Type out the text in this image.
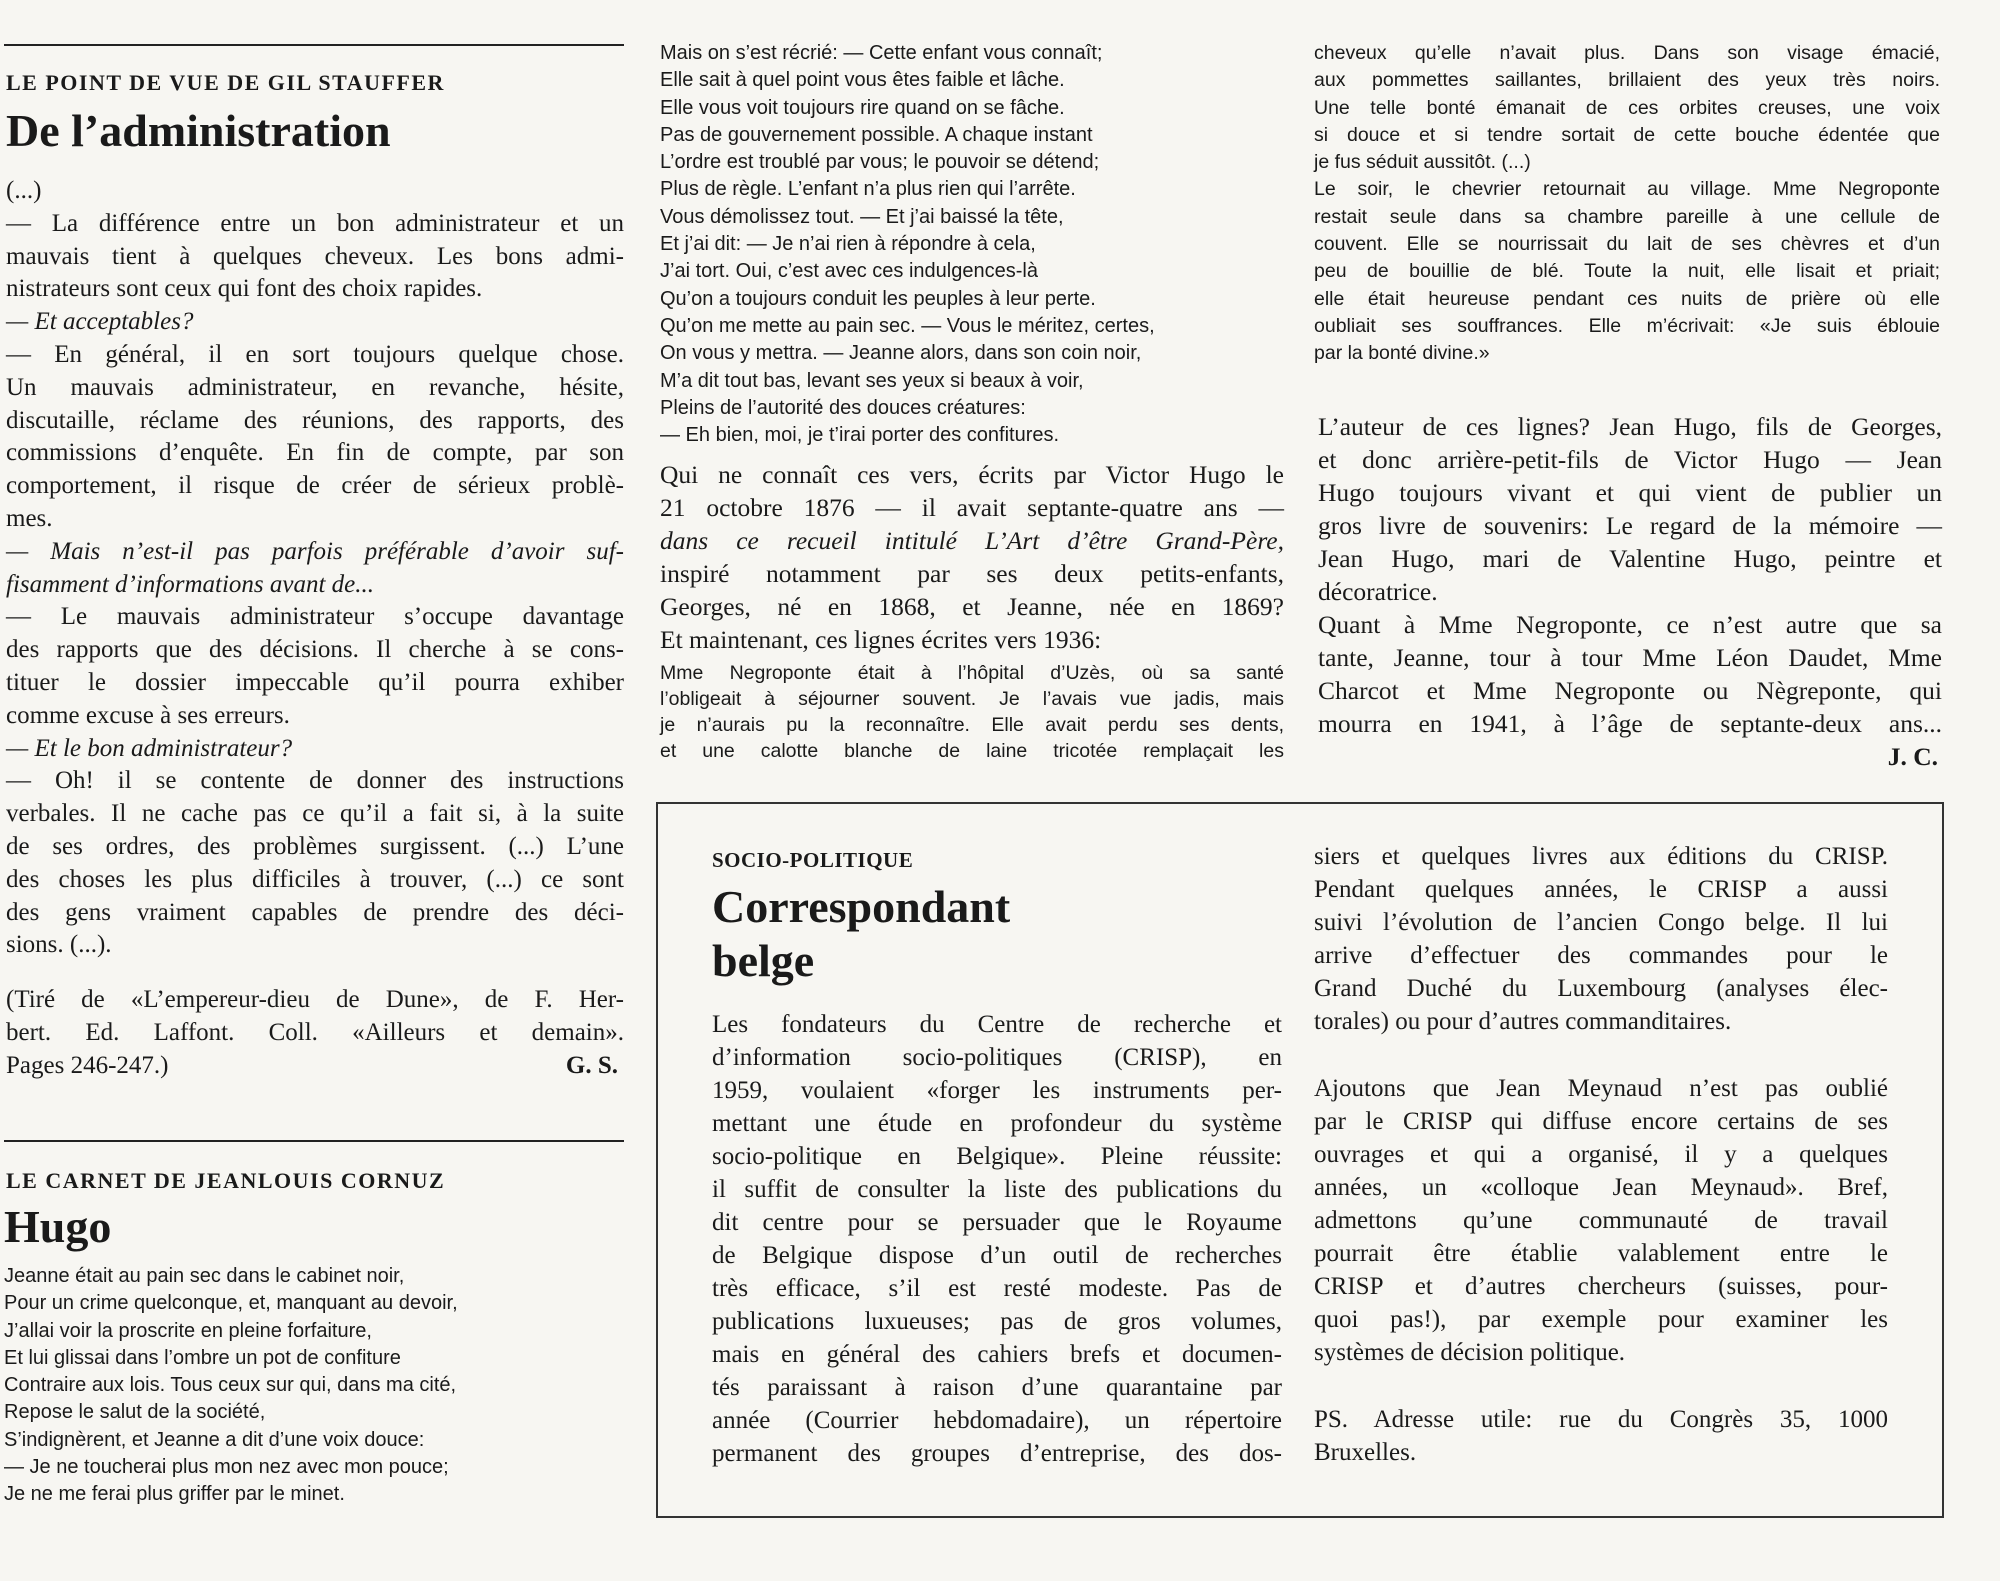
LE POINT DE VUE DE GIL STAUFFER
De l’administration
(...)
— La différence entre un bon administrateur et un
mauvais tient à quelques cheveux. Les bons admi-
nistrateurs sont ceux qui font des choix rapides.
— Et acceptables?
— En général, il en sort toujours quelque chose.
Un mauvais administrateur, en revanche, hésite,
discutaille, réclame des réunions, des rapports, des
commissions d’enquête. En fin de compte, par son
comportement, il risque de créer de sérieux problè-
mes.
— Mais n’est-il pas parfois préférable d’avoir suf-
fisamment d’informations avant de...
— Le mauvais administrateur s’occupe davantage
des rapports que des décisions. Il cherche à se cons-
tituer le dossier impeccable qu’il pourra exhiber
comme excuse à ses erreurs.
— Et le bon administrateur?
— Oh! il se contente de donner des instructions
verbales. Il ne cache pas ce qu’il a fait si, à la suite
de ses ordres, des problèmes surgissent. (...) L’une
des choses les plus difficiles à trouver, (...) ce sont
des gens vraiment capables de prendre des déci-
sions. (...).
(Tiré de «L’empereur-dieu de Dune», de F. Her-
bert. Ed. Laffont. Coll. «Ailleurs et demain».
Pages 246-247.)	G. S.
LE CARNET DE JEANLOUIS CORNUZ
Hugo
Jeanne était au pain sec dans le cabinet noir,
Pour un crime quelconque, et, manquant au devoir,
J’allai voir la proscrite en pleine forfaiture,
Et lui glissai dans l’ombre un pot de confiture
Contraire aux lois. Tous ceux sur qui, dans ma cité,
Repose le salut de la société,
S’indignèrent, et Jeanne a dit d’une voix douce:
— Je ne toucherai plus mon nez avec mon pouce;
Je ne me ferai plus griffer par le minet.
Mais on s’est récrié: — Cette enfant vous connaît;
Elle sait à quel point vous êtes faible et lâche.
Elle vous voit toujours rire quand on se fâche.
Pas de gouvernement possible. A chaque instant
L’ordre est troublé par vous; le pouvoir se détend;
Plus de règle. L’enfant n’a plus rien qui l’arrête.
Vous démolissez tout. — Et j’ai baissé la tête,
Et j’ai dit: — Je n’ai rien à répondre à cela,
J’ai tort. Oui, c’est avec ces indulgences-là
Qu’on a toujours conduit les peuples à leur perte.
Qu’on me mette au pain sec. — Vous le méritez, certes,
On vous y mettra. — Jeanne alors, dans son coin noir,
M’a dit tout bas, levant ses yeux si beaux à voir,
Pleins de l’autorité des douces créatures:
— Eh bien, moi, je t’irai porter des confitures.
Qui ne connaît ces vers, écrits par Victor Hugo le
21 octobre 1876 — il avait septante-quatre ans —
dans ce recueil intitulé L’Art d’être Grand-Père,
inspiré notamment par ses deux petits-enfants,
Georges, né en 1868, et Jeanne, née en 1869?
Et maintenant, ces lignes écrites vers 1936:
Mme Negroponte était à l’hôpital d’Uzès, où sa santé
l’obligeait à séjourner souvent. Je l’avais vue jadis, mais
je n’aurais pu la reconnaître. Elle avait perdu ses dents,
et une calotte blanche de laine tricotée remplaçait les
cheveux qu’elle n’avait plus. Dans son visage émacié,
aux pommettes saillantes, brillaient des yeux très noirs.
Une telle bonté émanait de ces orbites creuses, une voix
si douce et si tendre sortait de cette bouche édentée que
je fus séduit aussitôt. (...)
Le soir, le chevrier retournait au village. Mme Negroponte
restait seule dans sa chambre pareille à une cellule de
couvent. Elle se nourrissait du lait de ses chèvres et d’un
peu de bouillie de blé. Toute la nuit, elle lisait et priait;
elle était heureuse pendant ces nuits de prière où elle
oubliait ses souffrances. Elle m’écrivait: «Je suis éblouie
par la bonté divine.»
L’auteur de ces lignes? Jean Hugo, fils de Georges,
et donc arrière-petit-fils de Victor Hugo — Jean
Hugo toujours vivant et qui vient de publier un
gros livre de souvenirs: Le regard de la mémoire —
Jean Hugo, mari de Valentine Hugo, peintre et
décoratrice.
Quant à Mme Negroponte, ce n’est autre que sa
tante, Jeanne, tour à tour Mme Léon Daudet, Mme
Charcot et Mme Negroponte ou Nègreponte, qui
mourra en 1941, à l’âge de septante-deux ans...
J. C.
SOCIO-POLITIQUE
Correspondant
belge
Les fondateurs du Centre de recherche et
d’information socio-politiques (CRISP), en
1959, voulaient «forger les instruments per-
mettant une étude en profondeur du système
socio-politique en Belgique». Pleine réussite:
il suffit de consulter la liste des publications du
dit centre pour se persuader que le Royaume
de Belgique dispose d’un outil de recherches
très efficace, s’il est resté modeste. Pas de
publications luxueuses; pas de gros volumes,
mais en général des cahiers brefs et documen-
tés paraissant à raison d’une quarantaine par
année (Courrier hebdomadaire), un répertoire
permanent des groupes d’entreprise, des dos-
siers et quelques livres aux éditions du CRISP.
Pendant quelques années, le CRISP a aussi
suivi l’évolution de l’ancien Congo belge. Il lui
arrive d’effectuer des commandes pour le
Grand Duché du Luxembourg (analyses élec-
torales) ou pour d’autres commanditaires.
Ajoutons que Jean Meynaud n’est pas oublié
par le CRISP qui diffuse encore certains de ses
ouvrages et qui a organisé, il y a quelques
années, un «colloque Jean Meynaud». Bref,
admettons qu’une communauté de travail
pourrait être établie valablement entre le
CRISP et d’autres chercheurs (suisses, pour-
quoi pas!), par exemple pour examiner les
systèmes de décision politique.
PS. Adresse utile: rue du Congrès 35, 1000
Bruxelles.
